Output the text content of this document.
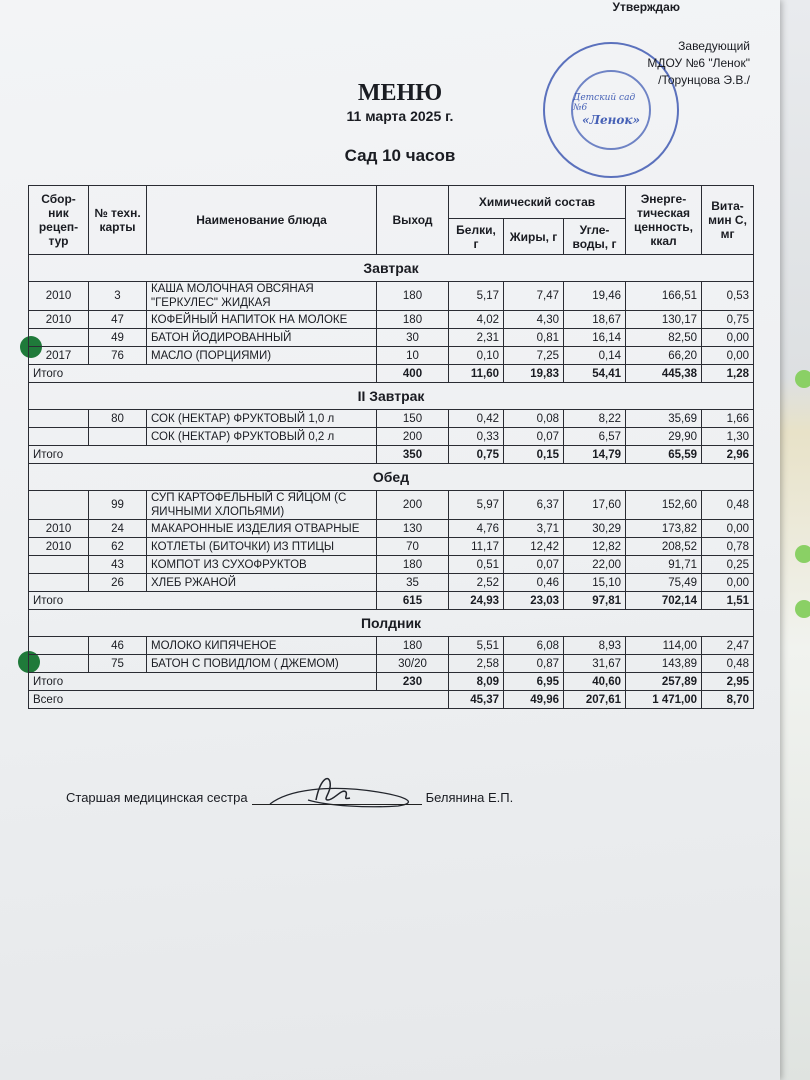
Утверждаю
Детский сад №6
«Ленок»
Заведующий
МДОУ №6 "Ленок"
/Торунцова Э.В./
МЕНЮ
11 марта 2025 г.
Сад 10 часов
Сбор-ник рецеп-тур	№ техн. карты	Наименование блюда	Выход	Химический состав			Энерге-тическая ценность, ккал	Вита-мин С, мг
				Белки, г	Жиры, г	Угле-воды, г		
Завтрак								
2010	3	КАША МОЛОЧНАЯ ОВСЯНАЯ "ГЕРКУЛЕС" ЖИДКАЯ	180	5,17	7,47	19,46	166,51	0,53
2010	47	КОФЕЙНЫЙ НАПИТОК НА МОЛОКЕ	180	4,02	4,30	18,67	130,17	0,75
	49	БАТОН ЙОДИРОВАННЫЙ	30	2,31	0,81	16,14	82,50	0,00
2017	76	МАСЛО (ПОРЦИЯМИ)	10	0,10	7,25	0,14	66,20	0,00
Итого			400	11,60	19,83	54,41	445,38	1,28
II Завтрак								
	80	СОК (НЕКТАР) ФРУКТОВЫЙ 1,0 л	150	0,42	0,08	8,22	35,69	1,66
		СОК (НЕКТАР) ФРУКТОВЫЙ 0,2 л	200	0,33	0,07	6,57	29,90	1,30
Итого			350	0,75	0,15	14,79	65,59	2,96
Обед								
	99	СУП КАРТОФЕЛЬНЫЙ С ЯЙЦОМ (С ЯИЧНЫМИ ХЛОПЬЯМИ)	200	5,97	6,37	17,60	152,60	0,48
2010	24	МАКАРОННЫЕ ИЗДЕЛИЯ ОТВАРНЫЕ	130	4,76	3,71	30,29	173,82	0,00
2010	62	КОТЛЕТЫ (БИТОЧКИ) ИЗ ПТИЦЫ	70	11,17	12,42	12,82	208,52	0,78
	43	КОМПОТ ИЗ СУХОФРУКТОВ	180	0,51	0,07	22,00	91,71	0,25
	26	ХЛЕБ РЖАНОЙ	35	2,52	0,46	15,10	75,49	0,00
Итого			615	24,93	23,03	97,81	702,14	1,51
Полдник								
	46	МОЛОКО КИПЯЧЕНОЕ	180	5,51	6,08	8,93	114,00	2,47
	75	БАТОН С ПОВИДЛОМ ( ДЖЕМОМ)	30/20	2,58	0,87	31,67	143,89	0,48
Итого			230	8,09	6,95	40,60	257,89	2,95
Всего				45,37	49,96	207,61	1 471,00	8,70
Старшая медицинская сестра	Белянина Е.П.
